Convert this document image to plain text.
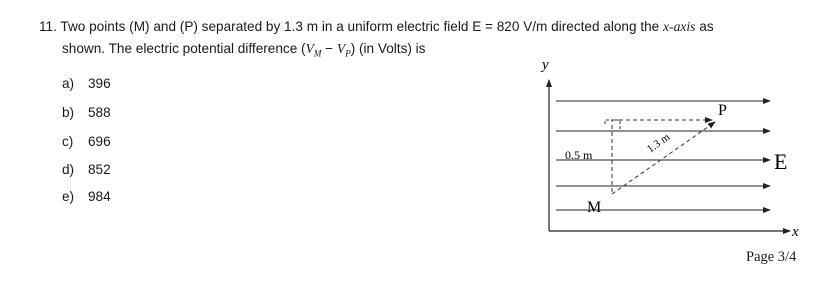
11. Two points (M) and (P) separated by 1.3 m in a uniform electric field E = 820 V/m directed along the x-axis as
shown. The electric potential difference $(V_M - V_P)$ (in Volts) is
a) 396
b) 588
c) 696
d) 852
e) 984
y
x
E
P
M
0.5 m	1.3 m
Page 3/4
